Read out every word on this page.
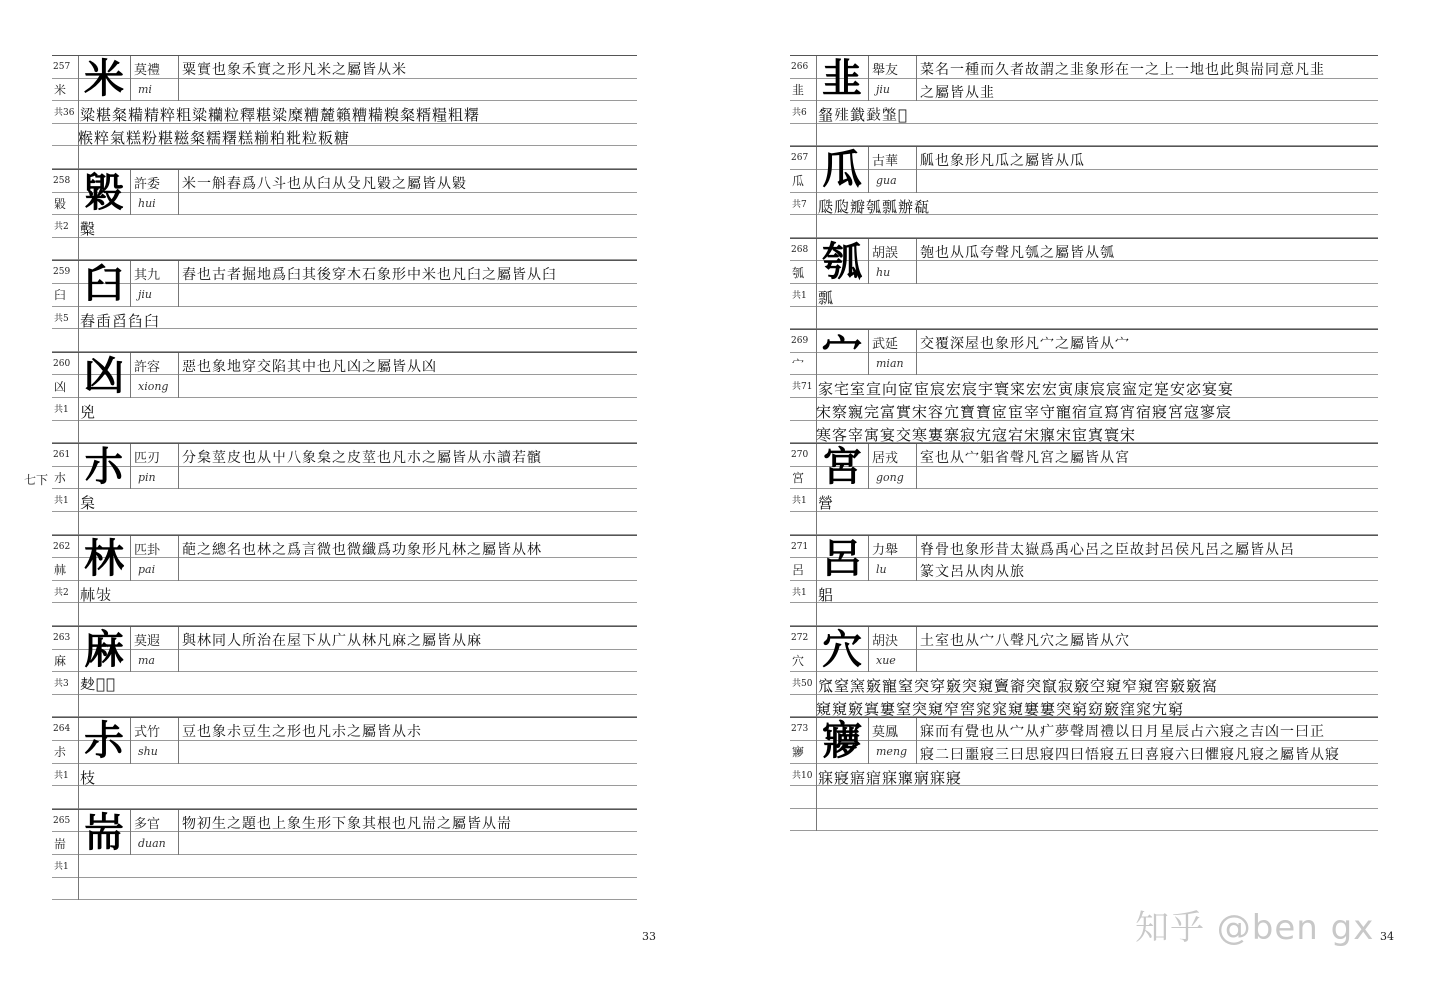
257
米
共36
米 莫禮
mi
粟實也象禾實之形凡米之屬皆从米
粱糂粲糒精粹粗粱糷粒釋糂粱糜糟麓籟糟糒糗粲糈糧粗糬
糇粹氣糕粉糂糍粲糯糬糕糋粕粃粒粄糖
258
毇
共2
毇 許委
hui
米一斛舂爲八斗也从臼从殳凡毇之屬皆从毇
糳
259
臼
共5
臼 其九
jiu
舂也古者掘地爲臼其後穿木石象形中米也凡臼之屬皆从臼
舂臿舀臽臼
260
凶
共1
凶 許容
xiong
惡也象地穿交陷其中也凡凶之屬皆从凶
兇
261
朩
共1
朩 匹刃
pin
分枲莖皮也从屮八象枲之皮莖也凡朩之屬皆从朩讀若髕
枲
262
𣏟
共2
林 匹卦
pai
葩之總名也林之爲言微也微纖爲功象形凡林之屬皆从林
𣏟𢻸
263
麻
共3
麻 莫遐
ma
與林同人所治在屋下从广从林凡麻之屬皆从麻
𪎊𪎋𪎎
264
尗
共1
尗 式竹
shu
豆也象尗豆生之形也凡尗之屬皆从尗
枝
265
耑
共1
耑 多官
duan
物初生之題也上象生形下象其根也凡耑之屬皆从耑
266
韭
共6
韭 舉友
jiu
菜名一種而久者故謂之韭象形在一之上一地也此與耑同意凡韭
之屬皆从韭
韰𩐁韱𩐅𩐇𩐈
267
瓜
共7
瓜 古華
gua
㼌也象形凡瓜之屬皆从瓜
瓞瓝瓣瓠瓢辦瓻
268
瓠
共1
瓠 胡誤
hu
匏也从瓜夸聲凡瓠之屬皆从瓠
瓢
269
宀
共71
宀 武延
mian
交覆深屋也象形凡宀之屬皆从宀
家宅室宣向宧宦宸宏宸宇寰寀宏宏寅康宸宸寍定寔安宓宴宴
宋察寴完富實宋容宂寶寶宧宦宰守寵宿宣寫宵宿寢宮寇寥宸
寒客宰寓宴交寒寠寨寂宄寇宕宋寱宋宦寘寰宋
270
宮
共1
宮 居戎
gong
室也从宀躳省聲凡宮之屬皆从宮
營
271
呂
共1
呂 力舉
lu
脊骨也象形昔太嶽爲禹心呂之臣故封呂侯凡呂之屬皆从呂
篆文呂从肉从旅
躳
272
穴
共50
穴 胡決
xue
土室也从宀八聲凡穴之屬皆从穴
窊窒窯竅寵窒突穿竅突窺竇窬突竄寂竅空窺窄窺窖竅竅窩
窺窺竅窴窶窒突窺窄窖窕窕窺窶窶突窮窈竅窪窕宄窮
273
㝱
共10
㝱 莫鳳
meng
寐而有覺也从宀从疒夢聲周禮以日月星辰占六寢之吉凶一曰正
寢二曰噩寢三曰思寢四曰悟寢五曰喜寢六曰懼寢凡寢之屬皆从寢
寐寢寤寣寐寱寎寐寢
七下
33	34
知乎 @ben gx
